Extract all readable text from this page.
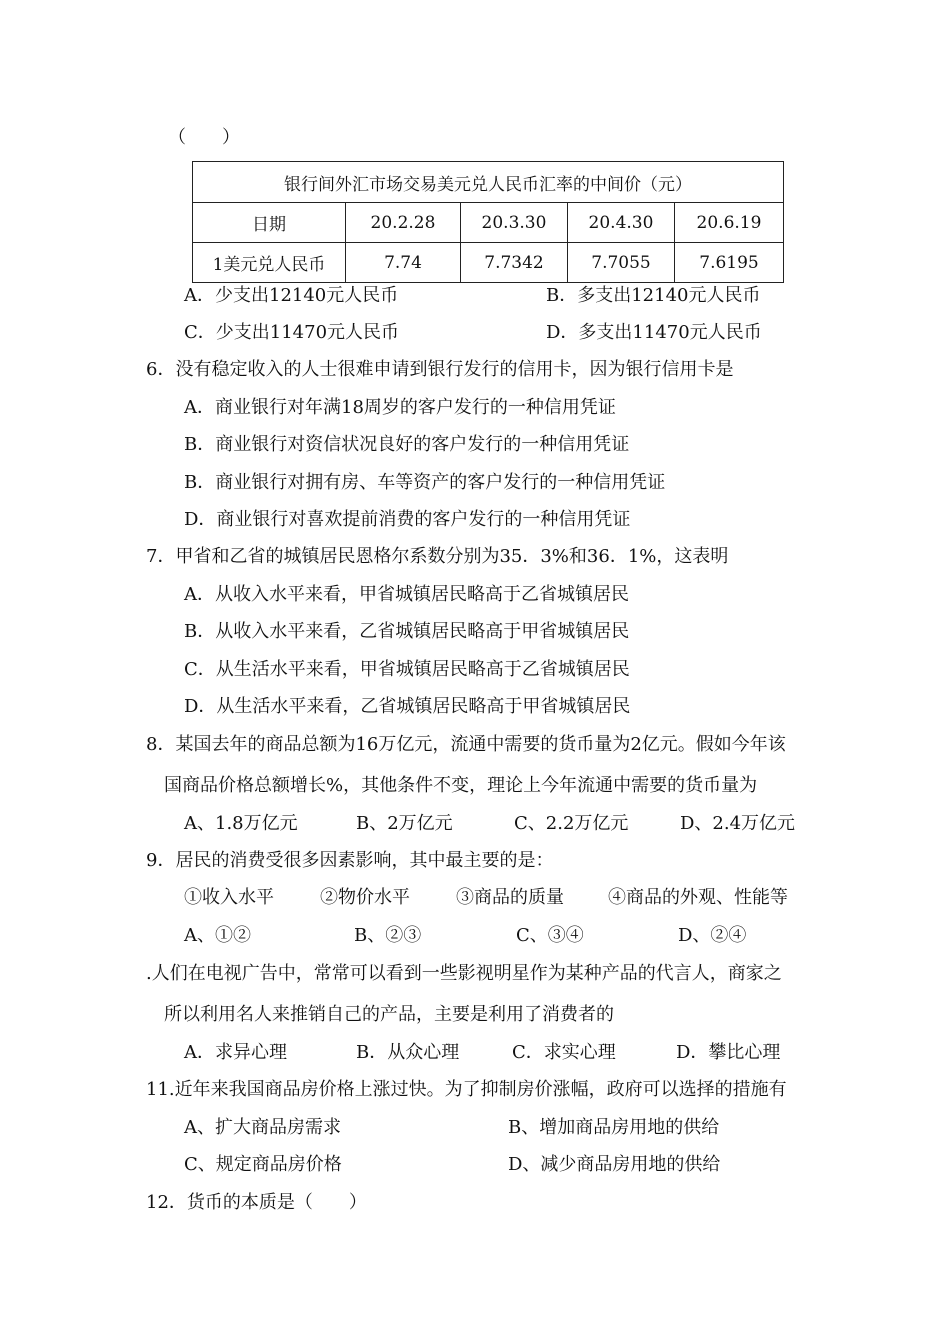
（　　）
银行间外汇市场交易美元兑人民币汇率的中间价（元）				
日期	20.2.28	20.3.30	20.4.30	20.6.19
1美元兑人民币	7.74	7.7342	7.7055	7.6195
A．少支出12140元人民币	B．多支出12140元人民币
C．少支出11470元人民币	D．多支出11470元人民币
6．没有稳定收入的人士很难申请到银行发行的信用卡，因为银行信用卡是
A．商业银行对年满18周岁的客户发行的一种信用凭证
B．商业银行对资信状况良好的客户发行的一种信用凭证
B．商业银行对拥有房、车等资产的客户发行的一种信用凭证
D．商业银行对喜欢提前消费的客户发行的一种信用凭证
7．甲省和乙省的城镇居民恩格尔系数分别为35．3%和36．1%，这表明
A．从收入水平来看，甲省城镇居民略高于乙省城镇居民
B．从收入水平来看，乙省城镇居民略高于甲省城镇居民
C．从生活水平来看，甲省城镇居民略高于乙省城镇居民
D．从生活水平来看，乙省城镇居民略高于甲省城镇居民
8．某国去年的商品总额为16万亿元，流通中需要的货币量为2亿元。假如今年该
国商品价格总额增长%，其他条件不变，理论上今年流通中需要的货币量为
A、1.8万亿元	B、2万亿元	C、2.2万亿元	D、2.4万亿元
9．居民的消费受很多因素影响，其中最主要的是：
①收入水平	②物价水平	③商品的质量 ④商品的外观、性能等
A、①②	B、②③	C、③④	D、②④
.人们在电视广告中，常常可以看到一些影视明星作为某种产品的代言人，商家之
所以利用名人来推销自己的产品，主要是利用了消费者的
A．求异心理	B．从众心理	C．求实心理	D．攀比心理
11.近年来我国商品房价格上涨过快。为了抑制房价涨幅，政府可以选择的措施有
A、扩大商品房需求	B、增加商品房用地的供给
C、规定商品房价格	D、减少商品房用地的供给
12．货币的本质是（　　）
